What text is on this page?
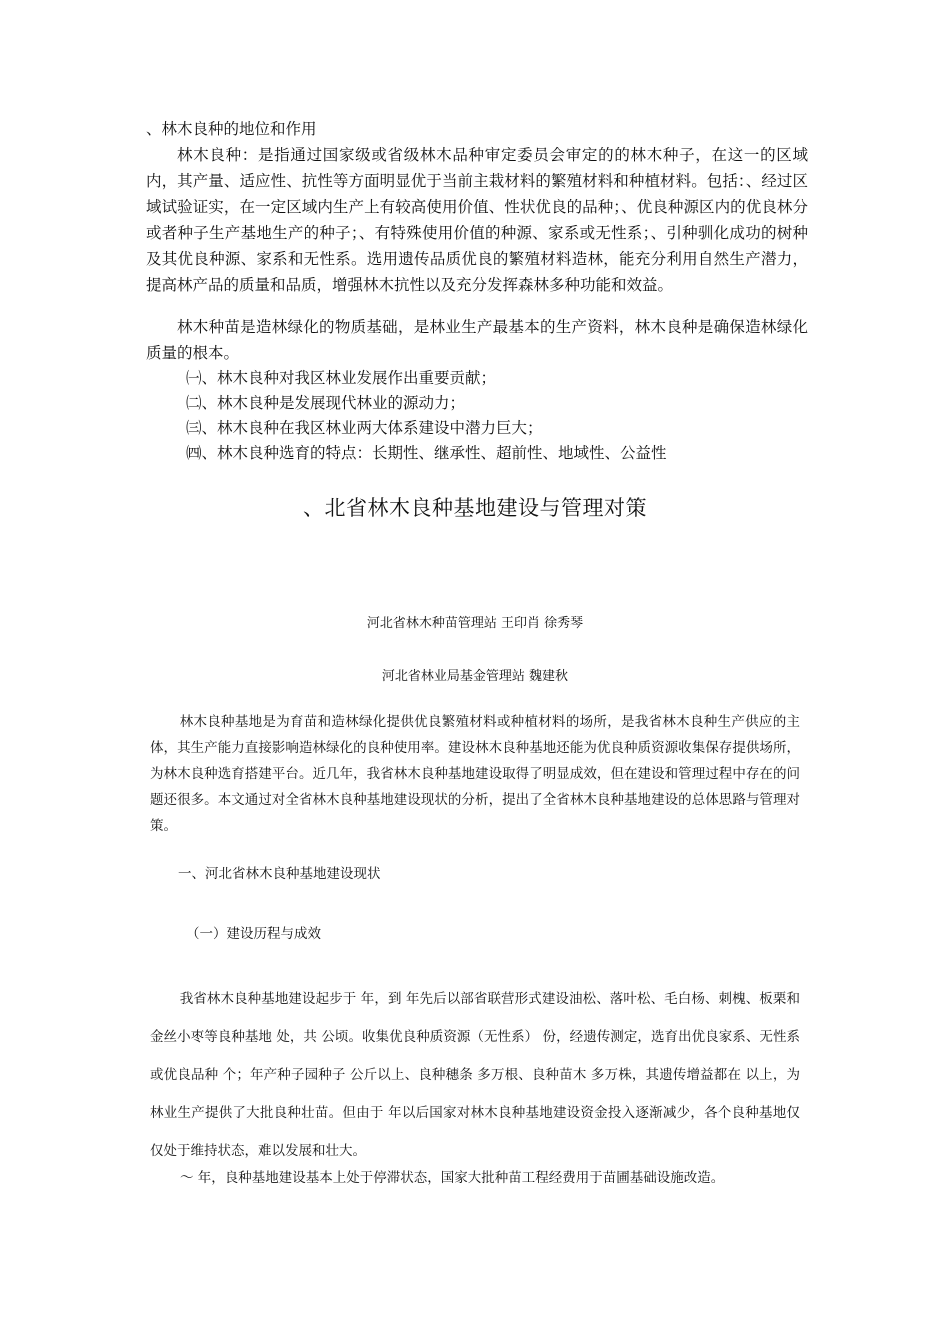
、林木良种的地位和作用
林木良种：是指通过国家级或省级林木品种审定委员会审定的的林木种子，在这一的区域内，其产量、适应性、抗性等方面明显优于当前主栽材料的繁殖材料和种植材料。包括：、经过区域试验证实，在一定区域内生产上有较高使用价值、性状优良的品种；、优良种源区内的优良林分或者种子生产基地生产的种子；、有特殊使用价值的种源、家系或无性系；、引种驯化成功的树种及其优良种源、家系和无性系。选用遗传品质优良的繁殖材料造林，能充分利用自然生产潜力，提高林产品的质量和品质，增强林木抗性以及充分发挥森林多种功能和效益。
林木种苗是造林绿化的物质基础，是林业生产最基本的生产资料，林木良种是确保造林绿化质量的根本。
㈠、林木良种对我区林业发展作出重要贡献；
㈡、林木良种是发展现代林业的源动力；
㈢、林木良种在我区林业两大体系建设中潜力巨大；
㈣、林木良种选育的特点：长期性、继承性、超前性、地域性、公益性
、北省林木良种基地建设与管理对策
河北省林木种苗管理站 王印肖 徐秀琴
河北省林业局基金管理站 魏建秋
林木良种基地是为育苗和造林绿化提供优良繁殖材料或种植材料的场所，是我省林木良种生产供应的主体，其生产能力直接影响造林绿化的良种使用率。建设林木良种基地还能为优良种质资源收集保存提供场所，为林木良种选育搭建平台。近几年，我省林木良种基地建设取得了明显成效，但在建设和管理过程中存在的问题还很多。本文通过对全省林木良种基地建设现状的分析，提出了全省林木良种基地建设的总体思路与管理对策。
一、河北省林木良种基地建设现状
（一）建设历程与成效
我省林木良种基地建设起步于 年，到 年先后以部省联营形式建设油松、落叶松、毛白杨、刺槐、板栗和金丝小枣等良种基地 处，共 公顷。收集优良种质资源（无性系） 份，经遗传测定，选育出优良家系、无性系或优良品种 个；年产种子园种子 公斤以上、良种穗条 多万根、良种苗木 多万株，其遗传增益都在 以上，为林业生产提供了大批良种壮苗。但由于 年以后国家对林木良种基地建设资金投入逐渐减少，各个良种基地仅仅处于维持状态，难以发展和壮大。
～ 年，良种基地建设基本上处于停滞状态，国家大批种苗工程经费用于苗圃基础设施改造。
